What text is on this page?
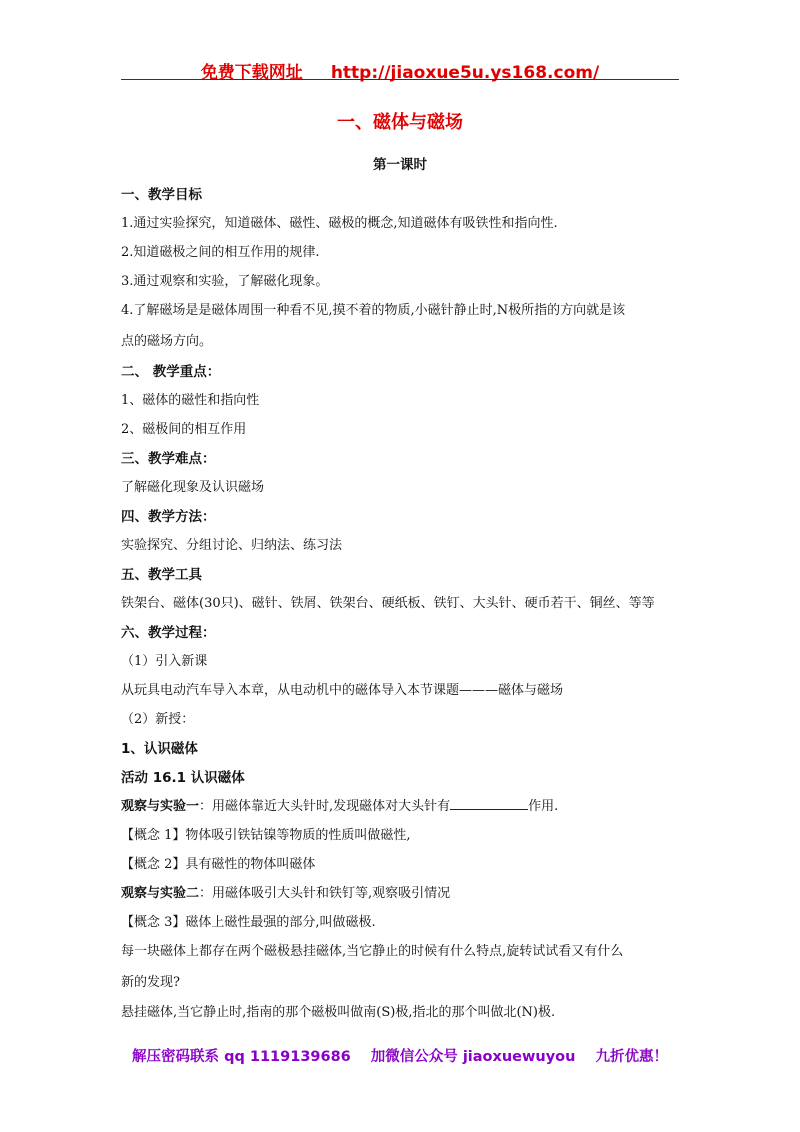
免费下载网址 http://jiaoxue5u.ys168.com/
一、磁体与磁场
第一课时
一、教学目标
1.通过实验探究，知道磁体、磁性、磁极的概念,知道磁体有吸铁性和指向性.
2.知道磁极之间的相互作用的规律.
3.通过观察和实验，了解磁化现象。
4.了解磁场是是磁体周围一种看不见,摸不着的物质,小磁针静止时,N极所指的方向就是该
点的磁场方向。
二、 教学重点：
1、磁体的磁性和指向性
2、磁极间的相互作用
三、教学难点：
了解磁化现象及认识磁场
四、教学方法：
实验探究、分组讨论、归纳法、练习法
五、教学工具
铁架台、磁体(30只)、磁针、铁屑、铁架台、硬纸板、铁钉、大头针、硬币若干、铜丝、等等
六、教学过程：
（1）引入新课
从玩具电动汽车导入本章，从电动机中的磁体导入本节课题———磁体与磁场
（2）新授：
1、认识磁体
活动 16.1 认识磁体
观察与实验一：用磁体靠近大头针时,发现磁体对大头针有	作用.
【概念 1】物体吸引铁钴镍等物质的性质叫做磁性,
【概念 2】具有磁性的物体叫磁体
观察与实验二：用磁体吸引大头针和铁钉等,观察吸引情况
【概念 3】磁体上磁性最强的部分,叫做磁极.
每一块磁体上都存在两个磁极悬挂磁体,当它静止的时候有什么特点,旋转试试看又有什么
新的发现?
悬挂磁体,当它静止时,指南的那个磁极叫做南(S)极,指北的那个叫做北(N)极.
解压密码联系 qq 1119139686 加微信公众号 jiaoxuewuyou 九折优惠！
